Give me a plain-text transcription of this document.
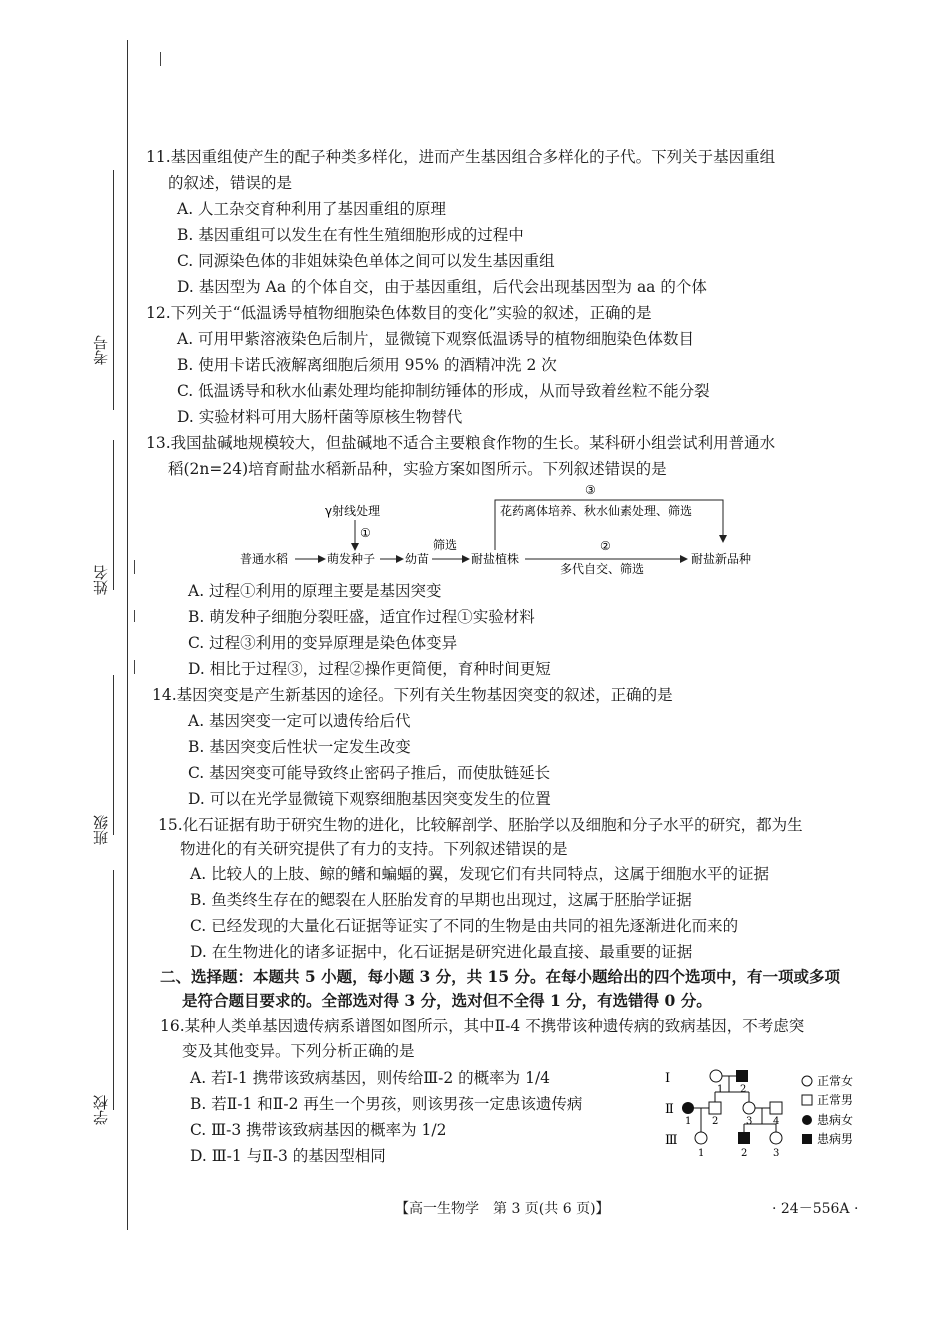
考号
姓名
班级
学校
11.基因重组使产生的配子种类多样化，进而产生基因组合多样化的子代。下列关于基因重组
的叙述，错误的是
A. 人工杂交育种利用了基因重组的原理
B. 基因重组可以发生在有性生殖细胞形成的过程中
C. 同源染色体的非姐妹染色单体之间可以发生基因重组
D. 基因型为 Aa 的个体自交，由于基因重组，后代会出现基因型为 aa 的个体
12.下列关于“低温诱导植物细胞染色体数目的变化”实验的叙述，正确的是
A. 可用甲紫溶液染色后制片，显微镜下观察低温诱导的植物细胞染色体数目
B. 使用卡诺氏液解离细胞后须用 95% 的酒精冲洗 2 次
C. 低温诱导和秋水仙素处理均能抑制纺锤体的形成，从而导致着丝粒不能分裂
D. 实验材料可用大肠杆菌等原核生物替代
13.我国盐碱地规模较大，但盐碱地不适合主要粮食作物的生长。某科研小组尝试利用普通水
稻(2n=24)培育耐盐水稻新品种，实验方案如图所示。下列叙述错误的是
γ射线处理
①
普通水稻	萌发种子 幼苗
筛选
耐盐植株
③
花药离体培养、秋水仙素处理、筛选
②
多代自交、筛选
耐盐新品种
A. 过程①利用的原理主要是基因突变
B. 萌发种子细胞分裂旺盛，适宜作过程①实验材料
C. 过程③利用的变异原理是染色体变异
D. 相比于过程③，过程②操作更简便，育种时间更短
14.基因突变是产生新基因的途径。下列有关生物基因突变的叙述，正确的是
A. 基因突变一定可以遗传给后代
B. 基因突变后性状一定发生改变
C. 基因突变可能导致终止密码子推后，而使肽链延长
D. 可以在光学显微镜下观察细胞基因突变发生的位置
15.化石证据有助于研究生物的进化，比较解剖学、胚胎学以及细胞和分子水平的研究，都为生
物进化的有关研究提供了有力的支持。下列叙述错误的是
A. 比较人的上肢、鲸的鳍和蝙蝠的翼，发现它们有共同特点，这属于细胞水平的证据
B. 鱼类终生存在的鳃裂在人胚胎发育的早期也出现过，这属于胚胎学证据
C. 已经发现的大量化石证据等证实了不同的生物是由共同的祖先逐渐进化而来的
D. 在生物进化的诸多证据中，化石证据是研究进化最直接、最重要的证据
二、选择题：本题共 5 小题，每小题 3 分，共 15 分。在每小题给出的四个选项中，有一项或多项
是符合题目要求的。全部选对得 3 分，选对但不全得 1 分，有选错得 0 分。
16.某种人类单基因遗传病系谱图如图所示，其中Ⅱ-4 不携带该种遗传病的致病基因，不考虑突
变及其他变异。下列分析正确的是
A. 若Ⅰ-1 携带该致病基因，则传给Ⅲ-2 的概率为 1/4
B. 若Ⅱ-1 和Ⅱ-2 再生一个男孩，则该男孩一定患该遗传病
C. Ⅲ-3 携带该致病基因的概率为 1/2
D. Ⅲ-1 与Ⅱ-3 的基因型相同
Ⅰ
Ⅱ
Ⅲ
1 2
1 2	3 4
1	2	3
正常女
正常男
患病女
患病男
【高一生物学　第 3 页(共 6 页)】	· 24－556A ·
